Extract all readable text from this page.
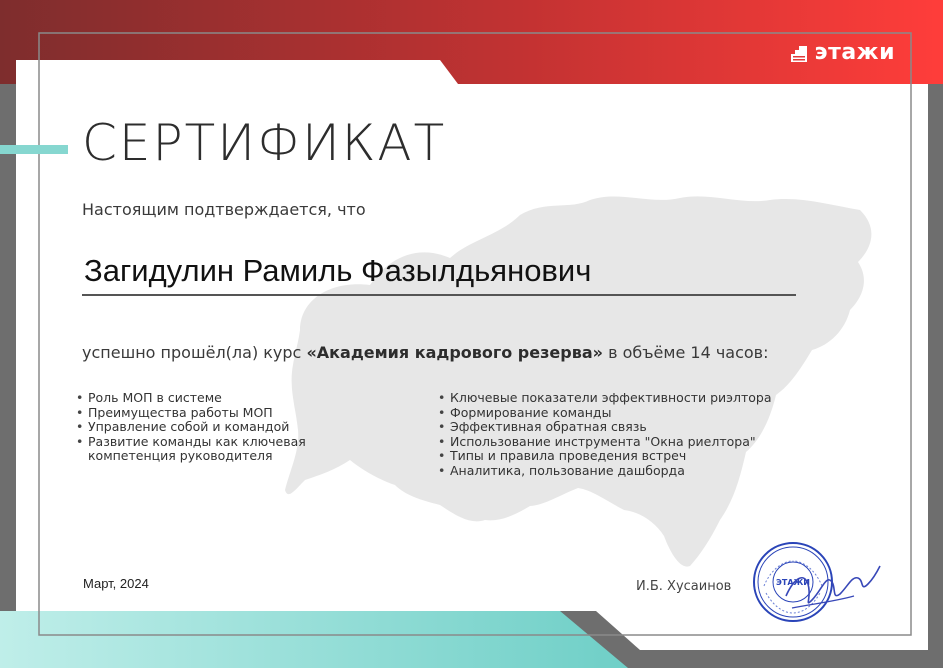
этажи
СЕРТИФИКАТ
Настоящим подтверждается, что
Загидулин Рамиль Фазылдьянович
успешно прошёл(ла) курс «Академия кадрового резерва» в объёме 14 часов:
• Роль МОП в системе
• Преимущества работы МОП
• Управление собой и командой
• Развитие команды как ключевая компетенция руководителя
• Ключевые показатели эффективности риэлтора
• Формирование команды
• Эффективная обратная связь
• Использование инструмента "Окна риелтора"
• Типы и правила проведения встреч
• Аналитика, пользование дашборда
Март, 2024	И.Б. Хусаинов	ЭТАЖИ
